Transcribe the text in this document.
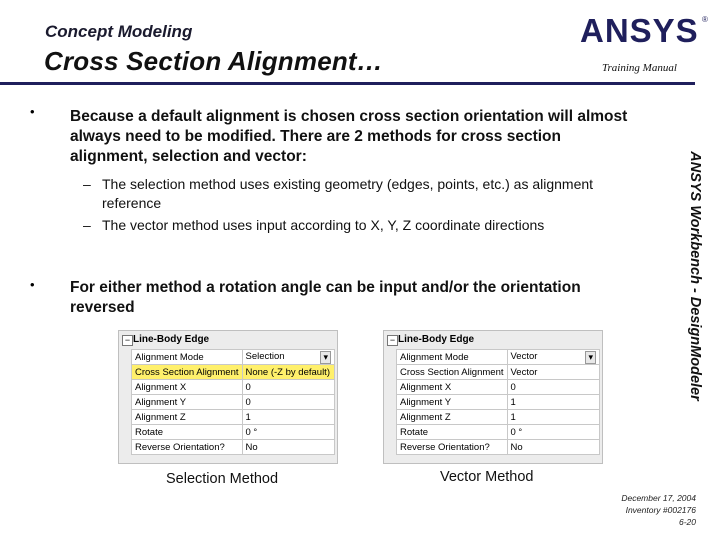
Concept Modeling
Cross Section Alignment…
ANSYS ®
Training Manual
ANSYS Workbench - DesignModeler
• Because a default alignment is chosen cross section orientation will almost always need to be modified. There are 2 methods for cross section alignment, selection and vector:
– The selection method uses existing geometry (edges, points, etc.) as alignment reference
– The vector method uses input according to X, Y, Z coordinate directions
• For either method a rotation angle can be input and/or the orientation reversed
− Line-Body Edge
Alignment Mode	Selection ▾

Cross Section Alignment	None (-Z by default)
Alignment X	0
Alignment Y	0
Alignment Z	1
Rotate	0 °
Reverse Orientation?	No
Selection Method
− Line-Body Edge
Alignment Mode	Vector ▾

Cross Section Alignment	Vector
Alignment X	0
Alignment Y	1
Alignment Z	1
Rotate	0 °
Reverse Orientation?	No
Vector Method
December 17, 2004
Inventory #002176
6-20
